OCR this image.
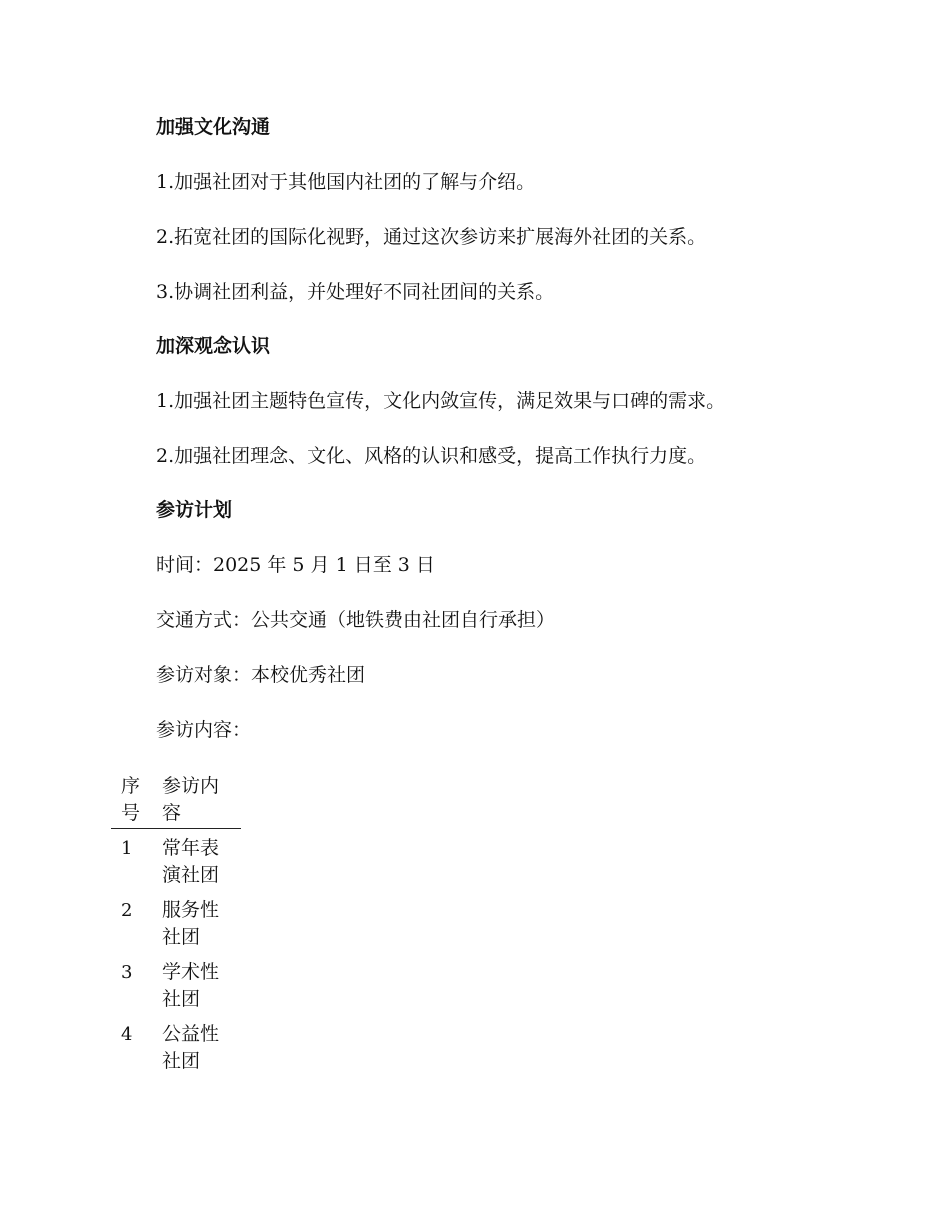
加强文化沟通
1.加强社团对于其他国内社团的了解与介绍。
2.拓宽社团的国际化视野，通过这次参访来扩展海外社团的关系。
3.协调社团利益，并处理好不同社团间的关系。
加深观念认识
1.加强社团主题特色宣传，文化内敛宣传，满足效果与口碑的需求。
2.加强社团理念、文化、风格的认识和感受，提高工作执行力度。
参访计划
时间：2025 年 5 月 1 日至 3 日
交通方式：公共交通（地铁费由社团自行承担）
参访对象：本校优秀社团
参访内容：
序号	参访内容
1	常年表演社团
2	服务性社团
3	学术性社团
4	公益性社团
